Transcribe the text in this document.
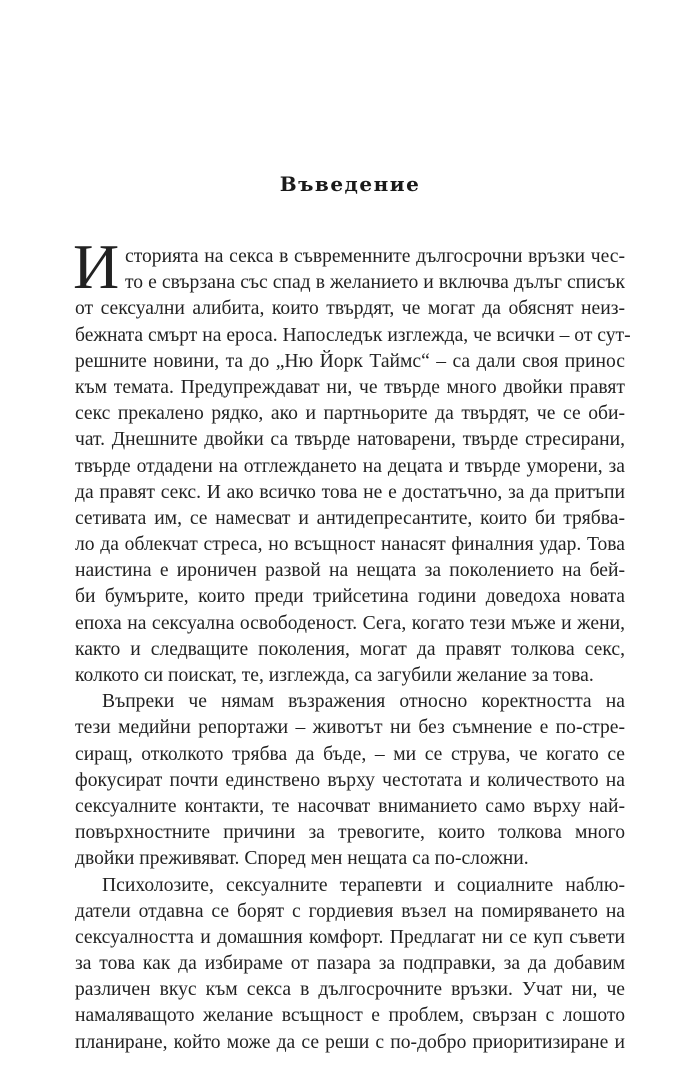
Въведение
И сторията на секса в съвременните дългосрочни връзки чес-
то е свързана със спад в желанието и включва дълъг списък
от сексуални алибита, които твърдят, че могат да обяснят неиз-
бежната смърт на ероса. Напоследък изглежда, че всички – от сут-
решните новини, та до „Ню Йорк Таймс“ – са дали своя принос
към темата. Предупреждават ни, че твърде много двойки правят
секс прекалено рядко, ако и партньорите да твърдят, че се оби-
чат. Днешните двойки са твърде натоварени, твърде стресирани,
твърде отдадени на отглеждането на децата и твърде уморени, за
да правят секс. И ако всичко това не е достатъчно, за да притъпи
сетивата им, се намесват и антидепресантите, които би трябва-
ло да облекчат стреса, но всъщност нанасят финалния удар. Това
наистина е ироничен развой на нещата за поколението на бей-
би бумърите, които преди трийсетина години доведоха новата
епоха на сексуална освободеност. Сега, когато тези мъже и жени,
както и следващите поколения, могат да правят толкова секс,
колкото си поискат, те, изглежда, са загубили желание за това.
Въпреки че нямам възражения относно коректността на
тези медийни репортажи – животът ни без съмнение е по-стре-
сиращ, отколкото трябва да бъде, – ми се струва, че когато се
фокусират почти единствено върху честотата и количеството на
сексуалните контакти, те насочват вниманието само върху най-
повърхностните причини за тревогите, които толкова много
двойки преживяват. Според мен нещата са по-сложни.
Психолозите, сексуалните терапевти и социалните наблю-
датели отдавна се борят с гордиевия възел на помиряването на
сексуалността и домашния комфорт. Предлагат ни се куп съвети
за това как да избираме от пазара за подправки, за да добавим
различен вкус към секса в дългосрочните връзки. Учат ни, че
намаляващото желание всъщност е проблем, свързан с лошото
планиране, който може да се реши с по-добро приоритизиране и
